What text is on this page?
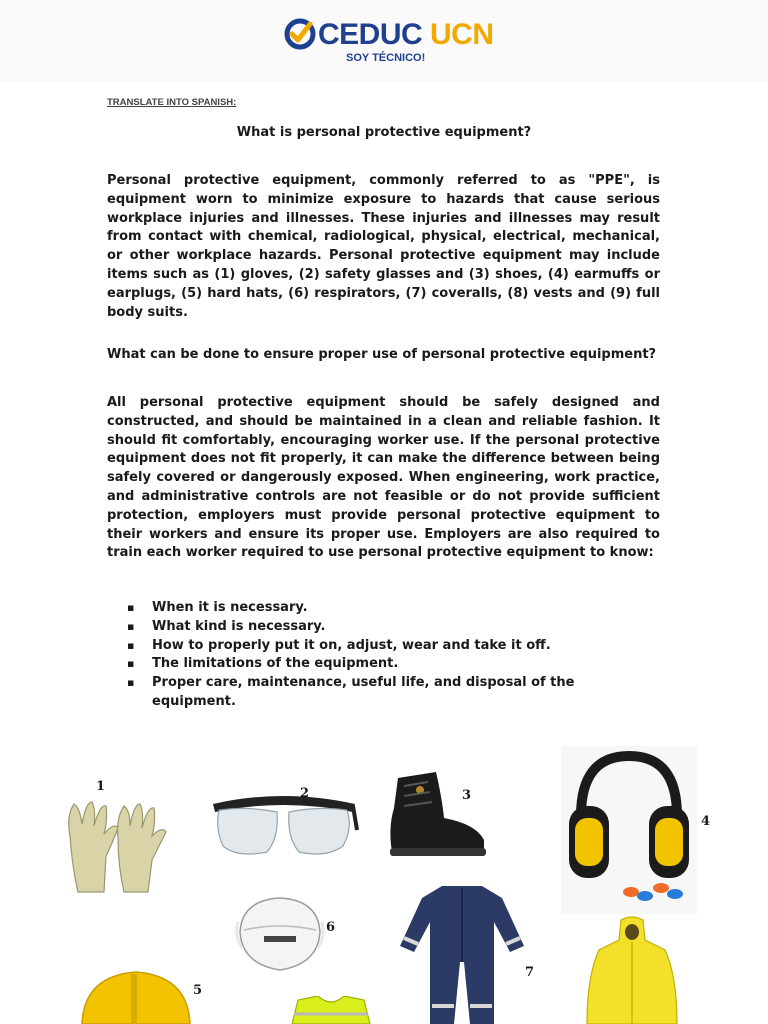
CEDUC UCN
SOY TÉCNICO!
TRANSLATE INTO SPANISH:
What is personal protective equipment?

Personal protective equipment, commonly referred to as "PPE", is equipment worn to minimize exposure to hazards that cause serious workplace injuries and illnesses. These injuries and illnesses may result from contact with chemical, radiological, physical, electrical, mechanical, or other workplace hazards. Personal protective equipment may include items such as (1) gloves, (2) safety glasses and (3) shoes, (4) earmuffs or earplugs, (5) hard hats, (6) respirators, (7) coveralls, (8) vests and (9) full body suits.

What can be done to ensure proper use of personal protective equipment?

All personal protective equipment should be safely designed and constructed, and should be maintained in a clean and reliable fashion. It should fit comfortably, encouraging worker use. If the personal protective equipment does not fit properly, it can make the difference between being safely covered or dangerously exposed. When engineering, work practice, and administrative controls are not feasible or do not provide sufficient protection, employers must provide personal protective equipment to their workers and ensure its proper use. Employers are also required to train each worker required to use personal protective equipment to know:

▪ When it is necessary.
▪ What kind is necessary.
▪ How to properly put it on, adjust, wear and take it off.
▪ The limitations of the equipment.
▪ Proper care, maintenance, useful life, and disposal of the equipment.
1	2	3
4
5
6
7
